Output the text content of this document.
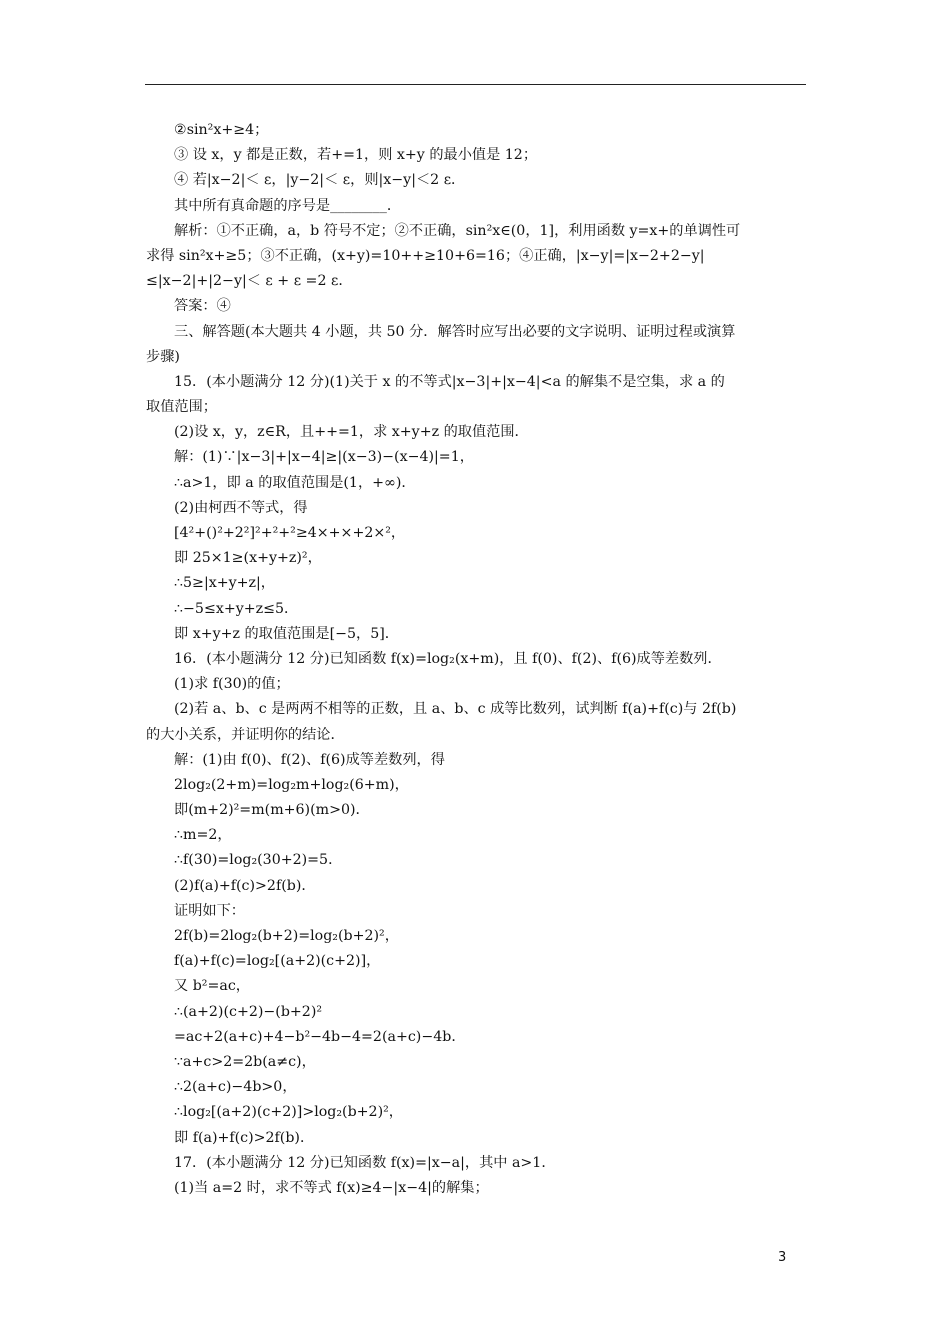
②sin²x+≥4；
③ 设 x，y 都是正数，若+=1，则 x+y 的最小值是 12；
④ 若|x−2|＜ ε，|y−2|＜ ε，则|x−y|＜2 ε．
其中所有真命题的序号是________．
解析：①不正确，a，b 符号不定；②不正确，sin²x∈(0，1]，利用函数 y=x+的单调性可
求得 sin²x+≥5；③不正确，(x+y)=10++≥10+6=16；④正确，|x−y|=|x−2+2−y|
≤|x−2|+|2−y|＜ ε + ε =2 ε．
答案：④
三、解答题(本大题共 4 小题，共 50 分．解答时应写出必要的文字说明、证明过程或演算
步骤)
15．(本小题满分 12 分)(1)关于 x 的不等式|x−3|+|x−4|<a 的解集不是空集，求 a 的
取值范围；
(2)设 x，y，z∈R，且++=1，求 x+y+z 的取值范围．
解：(1)∵|x−3|+|x−4|≥|(x−3)−(x−4)|=1，
∴a>1，即 a 的取值范围是(1，+∞)．
(2)由柯西不等式，得
[4²+()²+2²]²+²+²≥4×+×+2×²，
即 25×1≥(x+y+z)²，
∴5≥|x+y+z|，
∴−5≤x+y+z≤5．
即 x+y+z 的取值范围是[−5，5]．
16．(本小题满分 12 分)已知函数 f(x)=log₂(x+m)，且 f(0)、f(2)、f(6)成等差数列．
(1)求 f(30)的值；
(2)若 a、b、c 是两两不相等的正数，且 a、b、c 成等比数列，试判断 f(a)+f(c)与 2f(b)
的大小关系，并证明你的结论．
解：(1)由 f(0)、f(2)、f(6)成等差数列，得
2log₂(2+m)=log₂m+log₂(6+m)，
即(m+2)²=m(m+6)(m>0)．
∴m=2，
∴f(30)=log₂(30+2)=5．
(2)f(a)+f(c)>2f(b)．
证明如下：
2f(b)=2log₂(b+2)=log₂(b+2)²，
f(a)+f(c)=log₂[(a+2)(c+2)]，
又 b²=ac，
∴(a+2)(c+2)−(b+2)²
=ac+2(a+c)+4−b²−4b−4=2(a+c)−4b．
∵a+c>2=2b(a≠c)，
∴2(a+c)−4b>0，
∴log₂[(a+2)(c+2)]>log₂(b+2)²，
即 f(a)+f(c)>2f(b)．
17．(本小题满分 12 分)已知函数 f(x)=|x−a|，其中 a>1．
(1)当 a=2 时，求不等式 f(x)≥4−|x−4|的解集；
3
